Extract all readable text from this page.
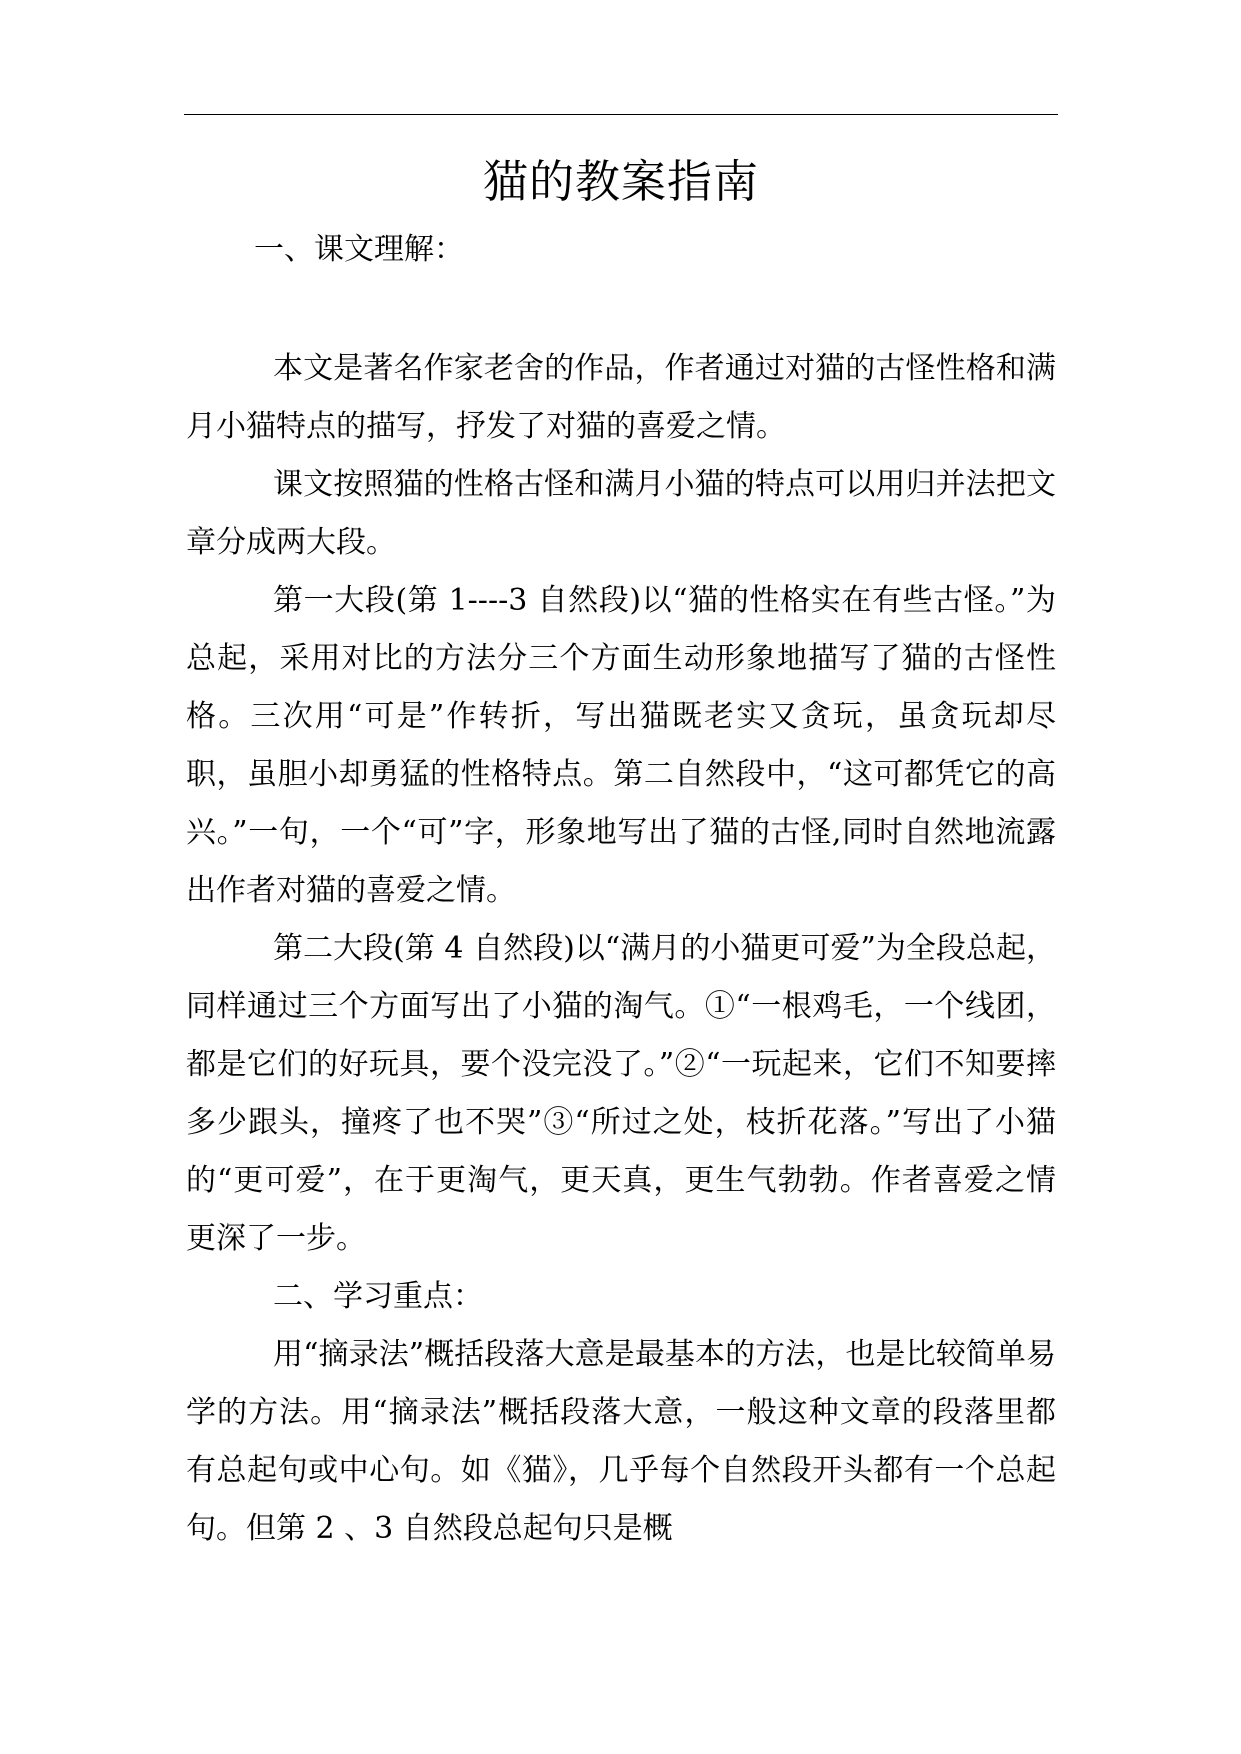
猫的教案指南
一、课文理解：

本文是著名作家老舍的作品，作者通过对猫的古怪性格和满月小猫特点的描写，抒发了对猫的喜爱之情。

课文按照猫的性格古怪和满月小猫的特点可以用归并法把文章分成两大段。

第一大段(第 1----3 自然段)以“猫的性格实在有些古怪。”为总起，采用对比的方法分三个方面生动形象地描写了猫的古怪性格。三次用“可是”作转折，写出猫既老实又贪玩，虽贪玩却尽职，虽胆小却勇猛的性格特点。第二自然段中，“这可都凭它的高兴。”一句，一个“可”字，形象地写出了猫的古怪,同时自然地流露出作者对猫的喜爱之情。

第二大段(第 4 自然段)以“满月的小猫更可爱”为全段总起，同样通过三个方面写出了小猫的淘气。①“一根鸡毛，一个线团，都是它们的好玩具，要个没完没了。”②“一玩起来，它们不知要摔多少跟头，撞疼了也不哭”③“所过之处，枝折花落。”写出了小猫的“更可爱”，在于更淘气，更天真，更生气勃勃。作者喜爱之情更深了一步。

二、学习重点：

用“摘录法”概括段落大意是最基本的方法，也是比较简单易学的方法。用“摘录法”概括段落大意，一般这种文章的段落里都有总起句或中心句。如《猫》，几乎每个自然段开头都有一个总起句。但第 2 、3 自然段总起句只是概
